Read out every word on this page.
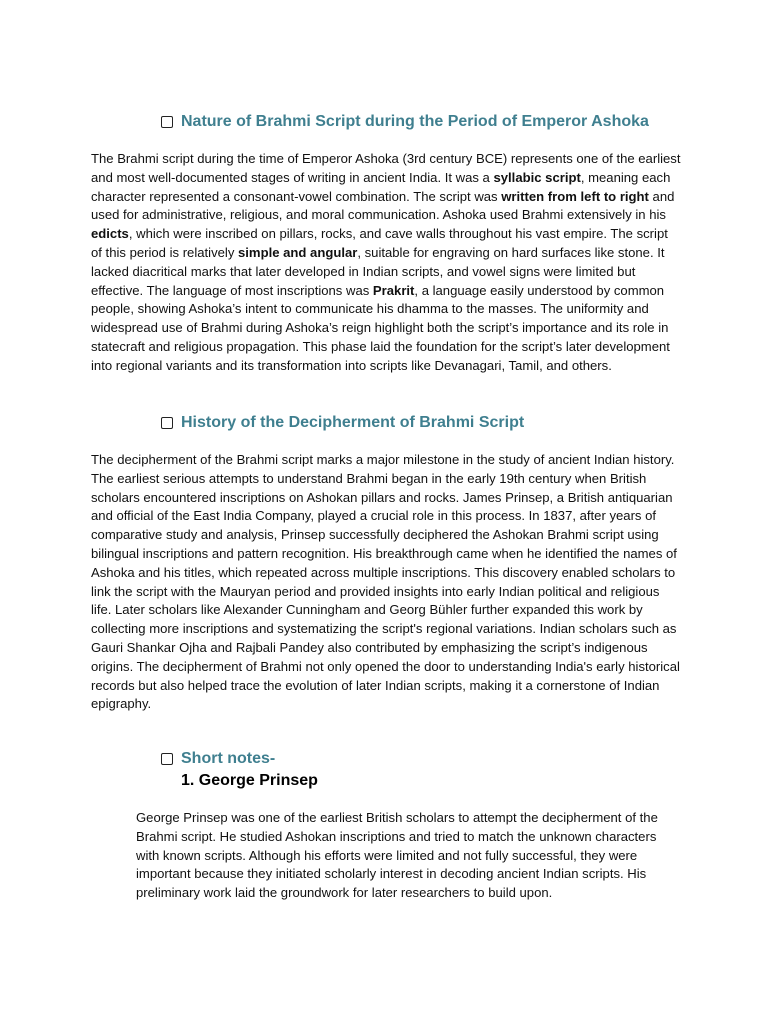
Nature of Brahmi Script during the Period of Emperor Ashoka

The Brahmi script during the time of Emperor Ashoka (3rd century BCE) represents one of the earliest and most well-documented stages of writing in ancient India. It was a syllabic script, meaning each character represented a consonant-vowel combination. The script was written from left to right and used for administrative, religious, and moral communication. Ashoka used Brahmi extensively in his edicts, which were inscribed on pillars, rocks, and cave walls throughout his vast empire. The script of this period is relatively simple and angular, suitable for engraving on hard surfaces like stone. It lacked diacritical marks that later developed in Indian scripts, and vowel signs were limited but effective. The language of most inscriptions was Prakrit, a language easily understood by common people, showing Ashoka’s intent to communicate his dhamma to the masses. The uniformity and widespread use of Brahmi during Ashoka’s reign highlight both the script’s importance and its role in statecraft and religious propagation. This phase laid the foundation for the script’s later development into regional variants and its transformation into scripts like Devanagari, Tamil, and others.

History of the Decipherment of Brahmi Script

The decipherment of the Brahmi script marks a major milestone in the study of ancient Indian history. The earliest serious attempts to understand Brahmi began in the early 19th century when British scholars encountered inscriptions on Ashokan pillars and rocks. James Prinsep, a British antiquarian and official of the East India Company, played a crucial role in this process. In 1837, after years of comparative study and analysis, Prinsep successfully deciphered the Ashokan Brahmi script using bilingual inscriptions and pattern recognition. His breakthrough came when he identified the names of Ashoka and his titles, which repeated across multiple inscriptions. This discovery enabled scholars to link the script with the Mauryan period and provided insights into early Indian political and religious life. Later scholars like Alexander Cunningham and Georg Bühler further expanded this work by collecting more inscriptions and systematizing the script's regional variations. Indian scholars such as Gauri Shankar Ojha and Rajbali Pandey also contributed by emphasizing the script’s indigenous origins. The decipherment of Brahmi not only opened the door to understanding India's early historical records but also helped trace the evolution of later Indian scripts, making it a cornerstone of Indian epigraphy.

Short notes-
1. George Prinsep

George Prinsep was one of the earliest British scholars to attempt the decipherment of the Brahmi script. He studied Ashokan inscriptions and tried to match the unknown characters with known scripts. Although his efforts were limited and not fully successful, they were important because they initiated scholarly interest in decoding ancient Indian scripts. His preliminary work laid the groundwork for later researchers to build upon.
